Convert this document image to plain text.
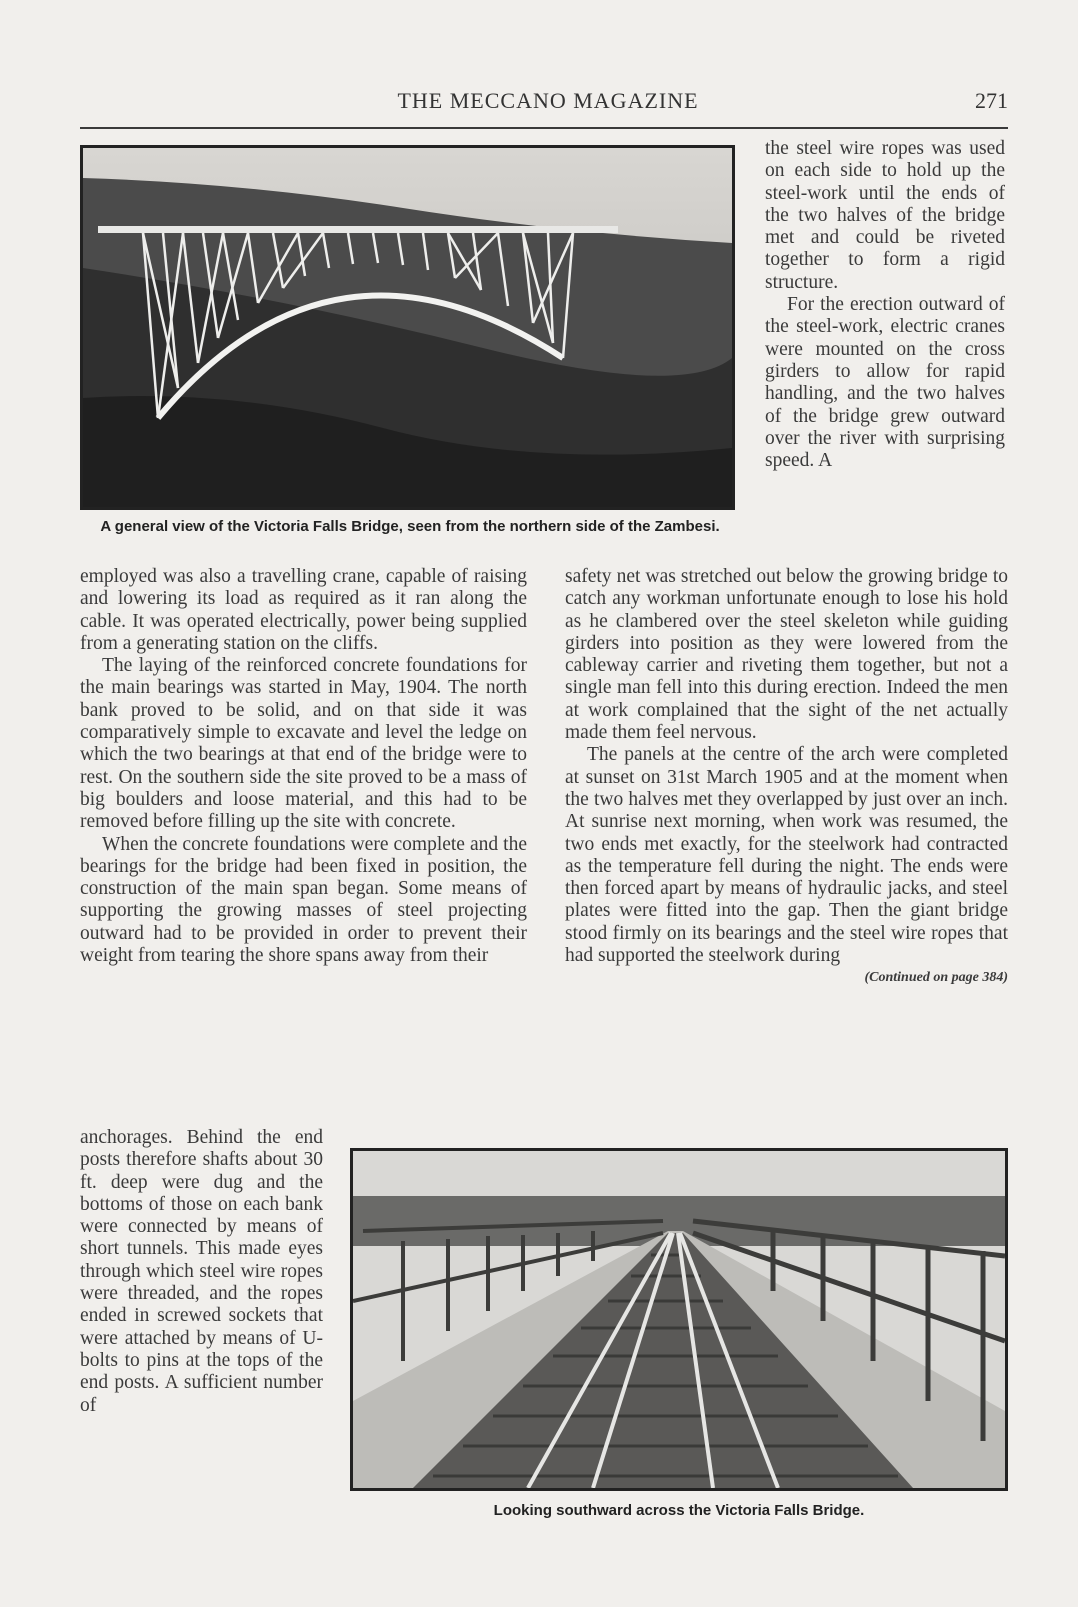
THE MECCANO MAGAZINE	271
A general view of the Victoria Falls Bridge, seen from the northern side of the Zambesi.

the steel wire ropes was used on each side to hold up the steel-work until the ends of the two halves of the bridge met and could be riveted together to form a rigid structure.

For the erection outward of the steel-work, electric cranes were mounted on the cross girders to allow for rapid handling, and the two halves of the bridge grew outward over the river with surprising speed. A

employed was also a travelling crane, capable of raising and lowering its load as required as it ran along the cable. It was operated electrically, power being supplied from a generating station on the cliffs.

The laying of the reinforced concrete foundations for the main bearings was started in May, 1904. The north bank proved to be solid, and on that side it was comparatively simple to excavate and level the ledge on which the two bearings at that end of the bridge were to rest. On the southern side the site proved to be a mass of big boulders and loose material, and this had to be removed before filling up the site with concrete.

When the concrete foundations were complete and the bearings for the bridge had been fixed in position, the construction of the main span began. Some means of supporting the growing masses of steel projecting outward had to be provided in order to prevent their weight from tearing the shore spans away from their

safety net was stretched out below the growing bridge to catch any workman unfortunate enough to lose his hold as he clambered over the steel skeleton while guiding girders into position as they were lowered from the cableway carrier and riveting them together, but not a single man fell into this during erection. Indeed the men at work complained that the sight of the net actually made them feel nervous.

The panels at the centre of the arch were completed at sunset on 31st March 1905 and at the moment when the two halves met they overlapped by just over an inch. At sunrise next morning, when work was resumed, the two ends met exactly, for the steelwork had contracted as the temperature fell during the night. The ends were then forced apart by means of hydraulic jacks, and steel plates were fitted into the gap. Then the giant bridge stood firmly on its bearings and the steel wire ropes that had supported the steelwork during

(Continued on page 384)

anchorages. Behind the end posts therefore shafts about 30 ft. deep were dug and the bottoms of those on each bank were connected by means of short tunnels. This made eyes through which steel wire ropes were threaded, and the ropes ended in screwed sockets that were attached by means of U-bolts to pins at the tops of the end posts. A sufficient number of

Looking southward across the Victoria Falls Bridge.
